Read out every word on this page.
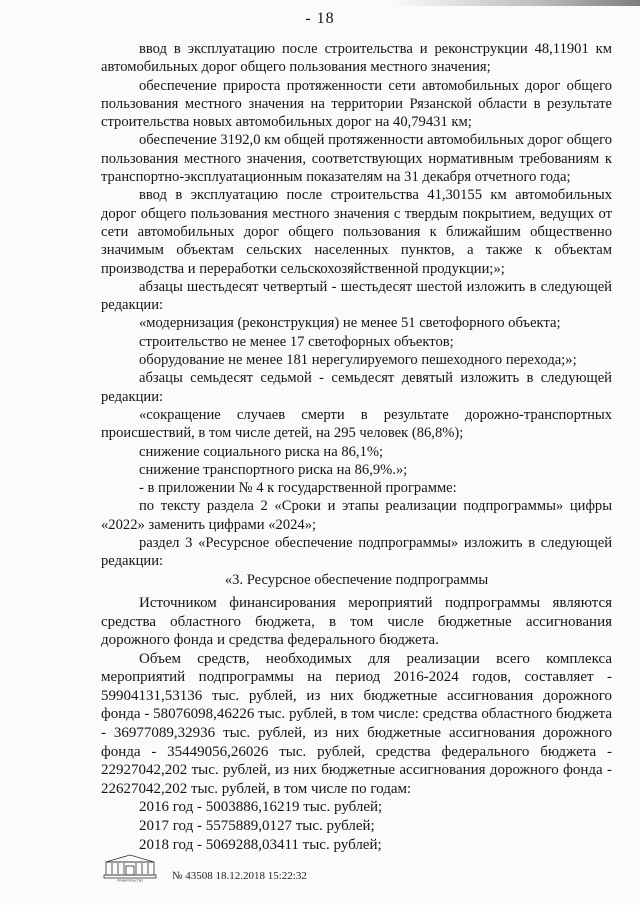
- 18

ввод в эксплуатацию после строительства и реконструкции 48,11901 км автомобильных дорог общего пользования местного значения;

обеспечение прироста протяженности сети автомобильных дорог общего пользования местного значения на территории Рязанской области в результате строительства новых автомобильных дорог на 40,79431 км;

обеспечение 3192,0 км общей протяженности автомобильных дорог общего пользования местного значения, соответствующих нормативным требованиям к транспортно-эксплуатационным показателям на 31 декабря отчетного года;

ввод в эксплуатацию после строительства 41,30155 км автомобильных дорог общего пользования местного значения с твердым покрытием, ведущих от сети автомобильных дорог общего пользования к ближайшим общественно значимым объектам сельских населенных пунктов, а также к объектам производства и переработки сельскохозяйственной продукции;»;

абзацы шестьдесят четвертый - шестьдесят шестой изложить в следующей редакции:

«модернизация (реконструкция) не менее 51 светофорного объекта;

строительство не менее 17 светофорных объектов;

оборудование не менее 181 нерегулируемого пешеходного перехода;»;

абзацы семьдесят седьмой - семьдесят девятый изложить в следующей редакции:

«сокращение случаев смерти в результате дорожно-транспортных происшествий, в том числе детей, на 295 человек (86,8%);

снижение социального риска на 86,1%;

снижение транспортного риска на 86,9%.»;

- в приложении № 4 к государственной программе:

по тексту раздела 2 «Сроки и этапы реализации подпрограммы» цифры «2022» заменить цифрами «2024»;

раздел 3 «Ресурсное обеспечение подпрограммы» изложить в следующей редакции:

«3. Ресурсное обеспечение подпрограммы

Источником финансирования мероприятий подпрограммы являются средства областного бюджета, в том числе бюджетные ассигнования дорожного фонда и средства федерального бюджета.

Объем средств, необходимых для реализации всего комплекса мероприятий подпрограммы на период 2016-2024 годов, составляет - 59904131,53136 тыс. рублей, из них бюджетные ассигнования дорожного фонда - 58076098,46226 тыс. рублей, в том числе: средства областного бюджета - 36977089,32936 тыс. рублей, из них бюджетные ассигнования дорожного фонда - 35449056,26026 тыс. рублей, средства федерального бюджета - 22927042,202 тыс. рублей, из них бюджетные ассигнования дорожного фонда - 22627042,202 тыс. рублей, в том числе по годам:

2016 год - 5003886,16219 тыс. рублей;

2017 год - 5575889,0127 тыс. рублей;

2018 год - 5069288,03411 тыс. рублей;

ПРАВИТЕЛЬСТВО	№ 43508 18.12.2018 15:22:32
